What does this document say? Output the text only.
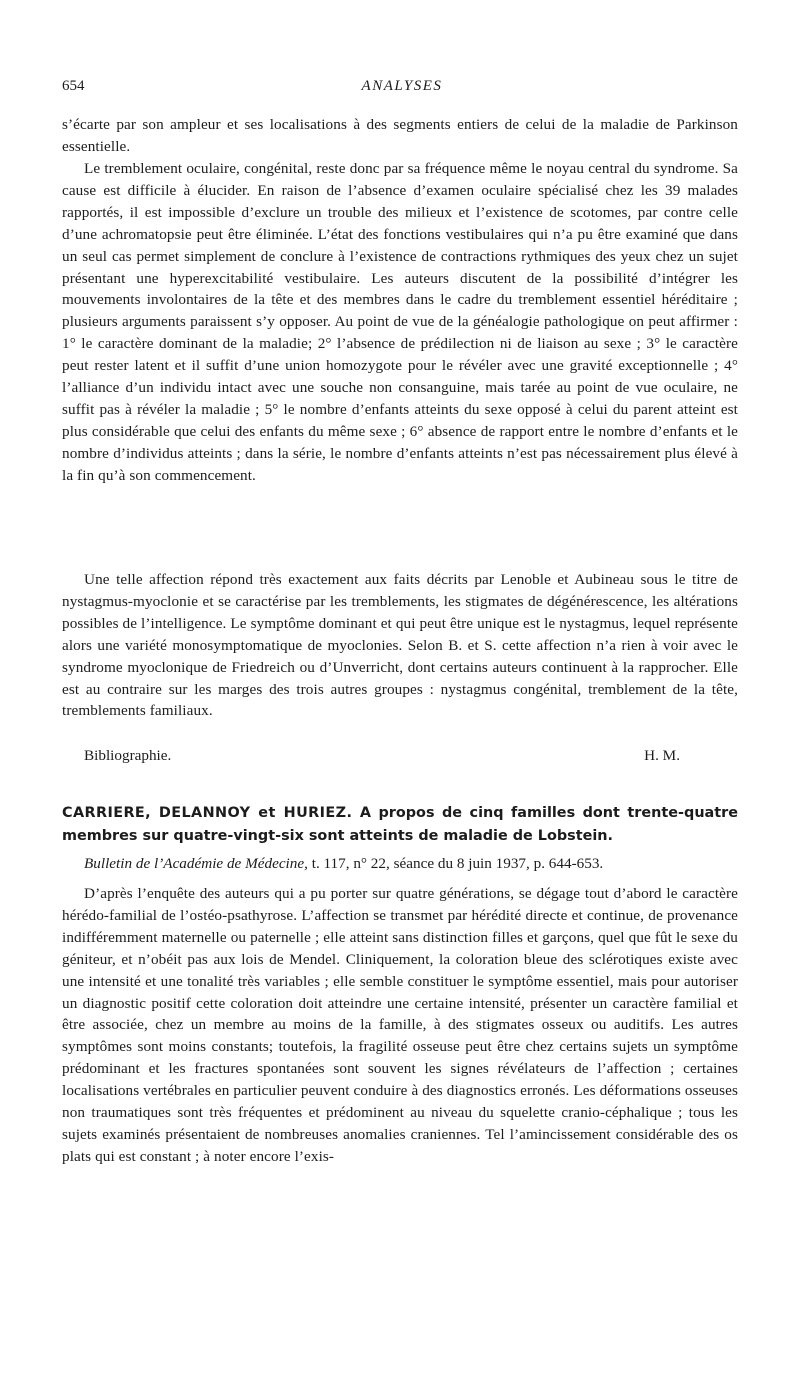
654	ANALYSES

s’écarte par son ampleur et ses localisations à des segments entiers de celui de la maladie de Parkinson essentielle.

Le tremblement oculaire, congénital, reste donc par sa fréquence même le noyau central du syndrome. Sa cause est difficile à élucider. En raison de l’absence d’examen oculaire spécialisé chez les 39 malades rapportés, il est impossible d’exclure un trouble des milieux et l’existence de scotomes, par contre celle d’une achromatopsie peut être éliminée. L’état des fonctions vestibulaires qui n’a pu être examiné que dans un seul cas permet simplement de conclure à l’existence de contractions rythmiques des yeux chez un sujet présentant une hyperexcitabilité vestibulaire. Les auteurs discutent de la possibilité d’intégrer les mouvements involontaires de la tête et des membres dans le cadre du tremblement essentiel héréditaire ; plusieurs arguments paraissent s’y opposer. Au point de vue de la généalogie pathologique on peut affirmer : 1° le caractère dominant de la maladie; 2° l’absence de prédilection ni de liaison au sexe ; 3° le caractère peut rester latent et il suffit d’une union homozygote pour le révéler avec une gravité exceptionnelle ; 4° l’alliance d’un individu intact avec une souche non consanguine, mais tarée au point de vue oculaire, ne suffit pas à révéler la maladie ; 5° le nombre d’enfants atteints du sexe opposé à celui du parent atteint est plus considérable que celui des enfants du même sexe ; 6° absence de rapport entre le nombre d’enfants et le nombre d’individus atteints ; dans la série, le nombre d’enfants atteints n’est pas nécessairement plus élevé à la fin qu’à son commencement.

Une telle affection répond très exactement aux faits décrits par Lenoble et Aubineau sous le titre de nystagmus-myoclonie et se caractérise par les tremblements, les stigmates de dégénérescence, les altérations possibles de l’intelligence. Le symptôme dominant et qui peut être unique est le nystagmus, lequel représente alors une variété monosymptomatique de myoclonies. Selon B. et S. cette affection n’a rien à voir avec le syndrome myoclonique de Friedreich ou d’Unverricht, dont certains auteurs continuent à la rapprocher. Elle est au contraire sur les marges des trois autres groupes : nystagmus congénital, tremblement de la tête, tremblements familiaux.

Bibliographie.	H. M.

CARRIERE, DELANNOY et HURIEZ. A propos de cinq familles dont trente-quatre membres sur quatre-vingt-six sont atteints de maladie de Lobstein.

Bulletin de l’Académie de Médecine, t. 117, n° 22, séance du 8 juin 1937, p. 644-653.

D’après l’enquête des auteurs qui a pu porter sur quatre générations, se dégage tout d’abord le caractère hérédo-familial de l’ostéo-psathyrose. L’affection se transmet par hérédité directe et continue, de provenance indifféremment maternelle ou paternelle ; elle atteint sans distinction filles et garçons, quel que fût le sexe du géniteur, et n’obéit pas aux lois de Mendel. Cliniquement, la coloration bleue des sclérotiques existe avec une intensité et une tonalité très variables ; elle semble constituer le symptôme essentiel, mais pour autoriser un diagnostic positif cette coloration doit atteindre une certaine intensité, présenter un caractère familial et être associée, chez un membre au moins de la famille, à des stigmates osseux ou auditifs. Les autres symptômes sont moins constants; toutefois, la fragilité osseuse peut être chez certains sujets un symptôme prédominant et les fractures spontanées sont souvent les signes révélateurs de l’affection ; certaines localisations vertébrales en particulier peuvent conduire à des diagnostics erronés. Les déformations osseuses non traumatiques sont très fréquentes et prédominent au niveau du squelette cranio-céphalique ; tous les sujets examinés présentaient de nombreuses anomalies craniennes. Tel l’amincissement considérable des os plats qui est constant ; à noter encore l’exis-
